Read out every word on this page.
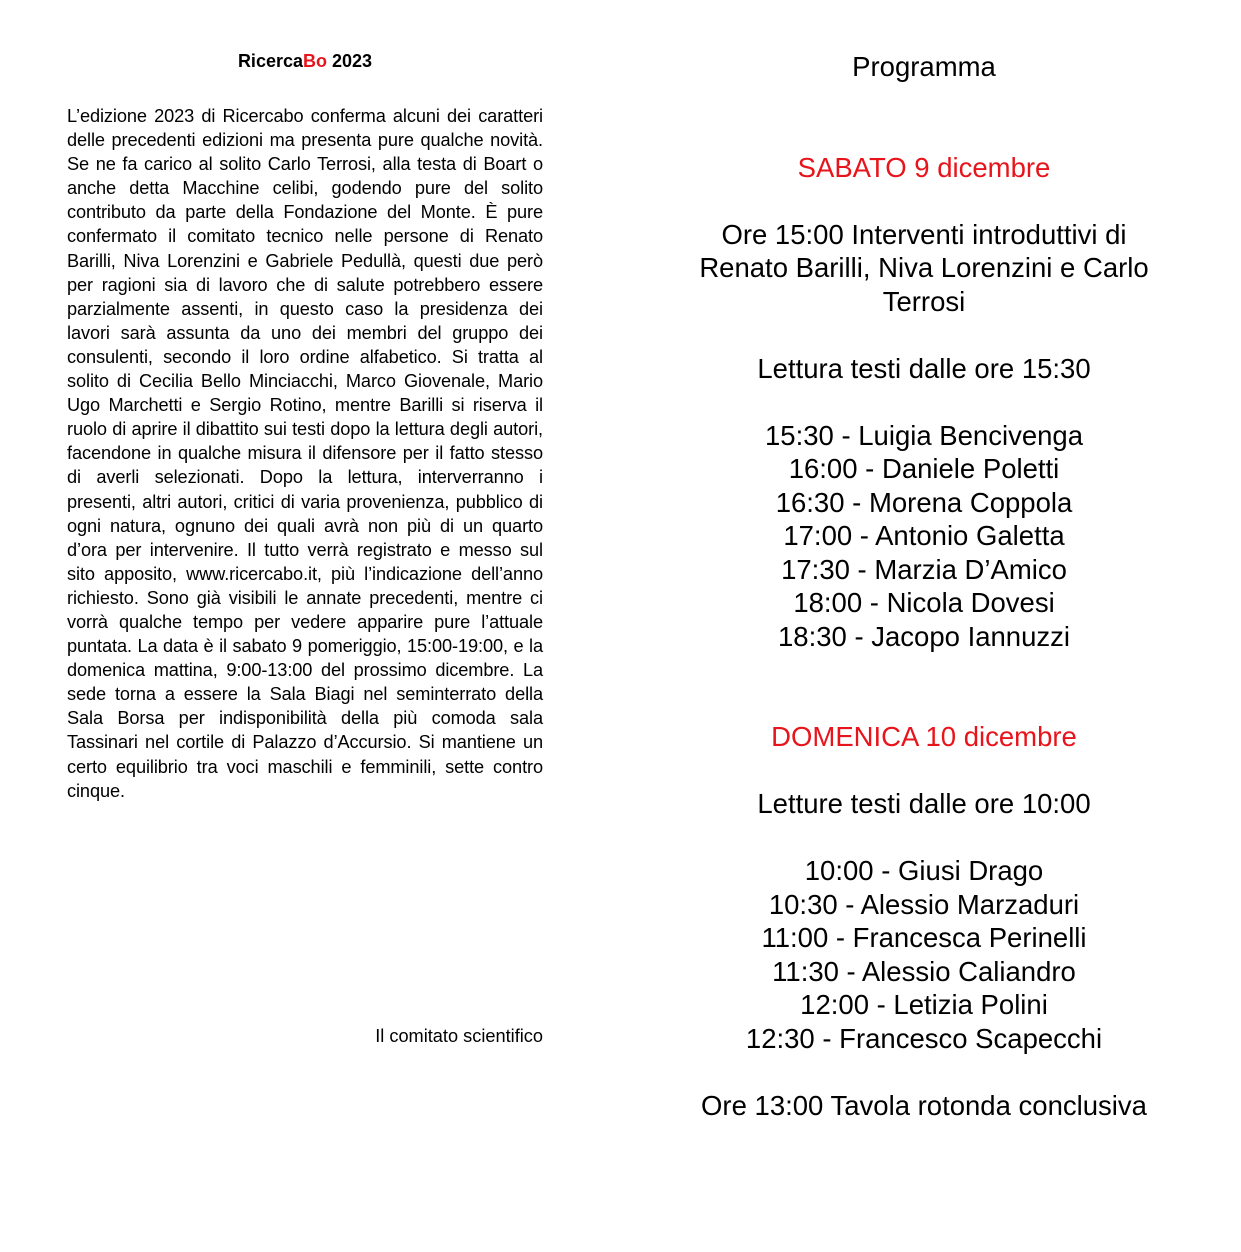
RicercaBo 2023

L’edizione 2023 di Ricercabo conferma alcuni dei caratteri delle precedenti edizioni ma presenta pure qualche novità. Se ne fa carico al solito Carlo Terrosi, alla testa di Boart o anche detta Macchine celibi, godendo pure del solito contributo da parte della Fondazione del Monte. È pure confermato il comitato tecnico nelle persone di Renato Barilli, Niva Lorenzini e Gabriele Pedullà, questi due però per ragioni sia di lavoro che di salute potrebbero essere parzialmente assenti, in questo caso la presidenza dei lavori sarà assunta da uno dei membri del gruppo dei consulenti, secondo il loro ordine alfabetico. Si tratta al solito di Cecilia Bello Minciacchi, Marco Giovenale, Mario Ugo Marchetti e Sergio Rotino, mentre Barilli si riserva il ruolo di aprire il dibattito sui testi dopo la lettura degli autori, facendone in qualche misura il difensore per il fatto stesso di averli selezionati. Dopo la lettura, interverranno i presenti, altri autori, critici di varia provenienza, pubblico di ogni natura, ognuno dei quali avrà non più di un quarto d’ora per intervenire. Il tutto verrà registrato e messo sul sito apposito, www.ricercabo.it, più l’indicazione dell’anno richiesto. Sono già visibili le annate precedenti, mentre ci vorrà qualche tempo per vedere apparire pure l’attuale puntata. La data è il sabato 9 pomeriggio, 15:00-19:00, e la domenica mattina, 9:00-13:00 del prossimo dicembre. La sede torna a essere la Sala Biagi nel seminterrato della Sala Borsa per indisponibilità della più comoda sala Tassinari nel cortile di Palazzo d’Accursio. Si mantiene un certo equilibrio tra voci maschili e femminili, sette contro cinque.

Il comitato scientifico
Programma
SABATO 9 dicembre
Ore 15:00 Interventi introduttivi di Renato Barilli, Niva Lorenzini e Carlo Terrosi
Lettura testi dalle ore 15:30
15:30 - Luigia Bencivenga
16:00 - Daniele Poletti
16:30 - Morena Coppola
17:00 - Antonio Galetta
17:30 - Marzia D’Amico
18:00 - Nicola Dovesi
18:30 - Jacopo Iannuzzi
DOMENICA 10 dicembre
Letture testi dalle ore 10:00
10:00 - Giusi Drago
10:30 - Alessio Marzaduri
11:00 - Francesca Perinelli
11:30 - Alessio Caliandro
12:00 - Letizia Polini
12:30 - Francesco Scapecchi
Ore 13:00 Tavola rotonda conclusiva
